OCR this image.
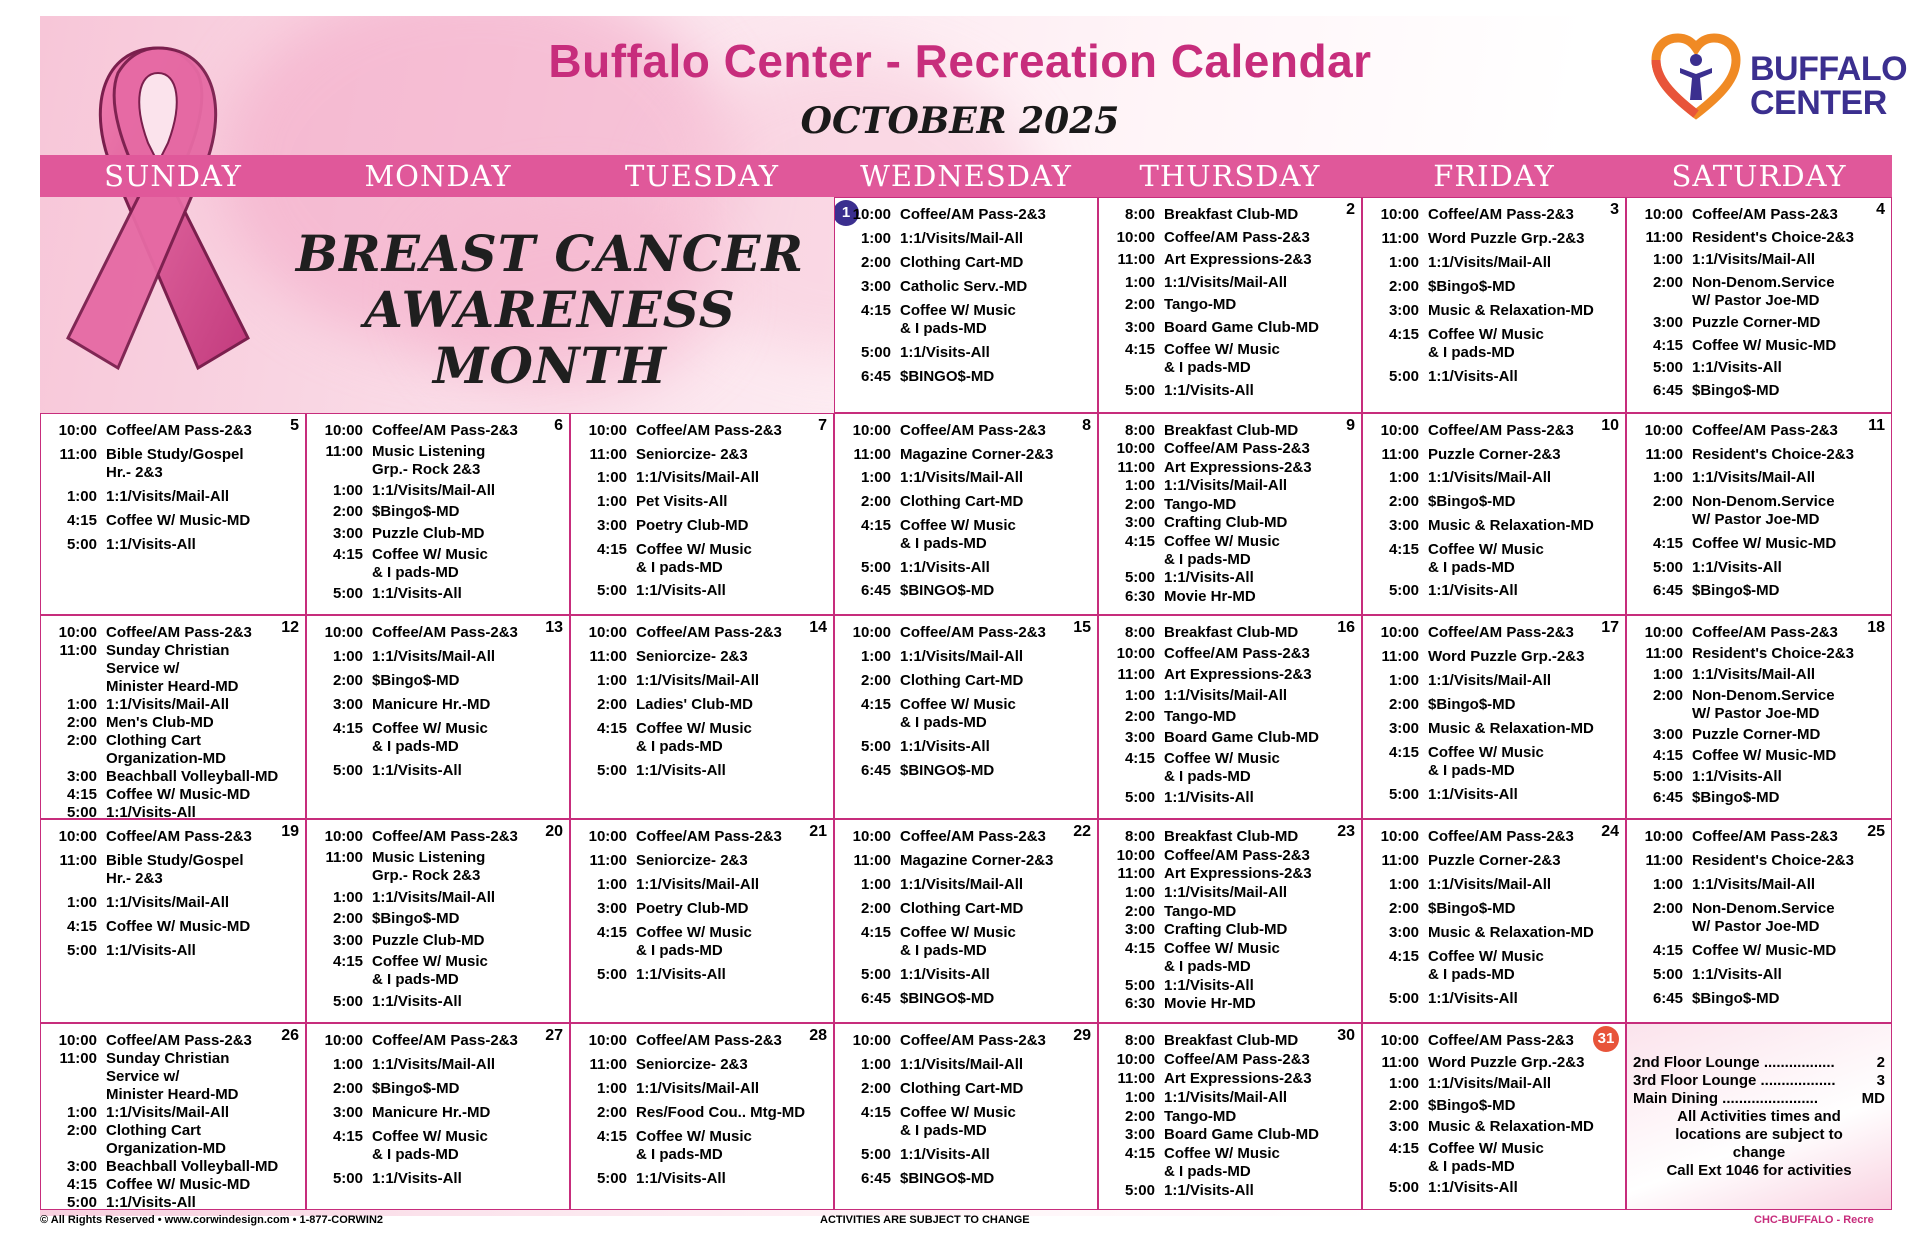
Buffalo Center - Recreation Calendar
OCTOBER 2025
BUFFALO
CENTER
SUNDAY	MONDAY	TUESDAY	WEDNESDAY	THURSDAY	FRIDAY	SATURDAY
1 10:00 Coffee/AM Pass-2&3
1:00 1:1/Visits/Mail-All
2:00 Clothing Cart-MD
3:00 Catholic Serv.-MD
4:15 Coffee W/ Music
& I pads-MD
5:00 1:1/Visits-All
6:45 $BINGO$-MD
2
8:00 Breakfast Club-MD
10:00 Coffee/AM Pass-2&3
11:00 Art Expressions-2&3
1:00 1:1/Visits/Mail-All
2:00 Tango-MD
3:00 Board Game Club-MD
4:15 Coffee W/ Music
& I pads-MD
5:00 1:1/Visits-All
3
10:00 Coffee/AM Pass-2&3
11:00 Word Puzzle Grp.-2&3
1:00 1:1/Visits/Mail-All
2:00 $Bingo$-MD
3:00 Music & Relaxation-MD
4:15 Coffee W/ Music
& I pads-MD
5:00 1:1/Visits-All
4
10:00 Coffee/AM Pass-2&3
11:00 Resident's Choice-2&3
1:00 1:1/Visits/Mail-All
2:00 Non-Denom.Service
W/ Pastor Joe-MD
3:00 Puzzle Corner-MD
4:15 Coffee W/ Music-MD
5:00 1:1/Visits-All
6:45 $Bingo$-MD
5
10:00 Coffee/AM Pass-2&3
11:00 Bible Study/Gospel
Hr.- 2&3
1:00 1:1/Visits/Mail-All
4:15 Coffee W/ Music-MD
5:00 1:1/Visits-All
6
10:00 Coffee/AM Pass-2&3
11:00 Music Listening
Grp.- Rock 2&3
1:00 1:1/Visits/Mail-All
2:00 $Bingo$-MD
3:00 Puzzle Club-MD
4:15 Coffee W/ Music
& I pads-MD
5:00 1:1/Visits-All
7
10:00 Coffee/AM Pass-2&3
11:00 Seniorcize- 2&3
1:00 1:1/Visits/Mail-All
1:00 Pet Visits-All
3:00 Poetry Club-MD
4:15 Coffee W/ Music
& I pads-MD
5:00 1:1/Visits-All
8
10:00 Coffee/AM Pass-2&3
11:00 Magazine Corner-2&3
1:00 1:1/Visits/Mail-All
2:00 Clothing Cart-MD
4:15 Coffee W/ Music
& I pads-MD
5:00 1:1/Visits-All
6:45 $BINGO$-MD
9
8:00 Breakfast Club-MD
10:00 Coffee/AM Pass-2&3
11:00 Art Expressions-2&3
1:00 1:1/Visits/Mail-All
2:00 Tango-MD
3:00 Crafting Club-MD
4:15 Coffee W/ Music
& I pads-MD
5:00 1:1/Visits-All
6:30 Movie Hr-MD
10
10:00 Coffee/AM Pass-2&3
11:00 Puzzle Corner-2&3
1:00 1:1/Visits/Mail-All
2:00 $Bingo$-MD
3:00 Music & Relaxation-MD
4:15 Coffee W/ Music
& I pads-MD
5:00 1:1/Visits-All
11
10:00 Coffee/AM Pass-2&3
11:00 Resident's Choice-2&3
1:00 1:1/Visits/Mail-All
2:00 Non-Denom.Service
W/ Pastor Joe-MD
4:15 Coffee W/ Music-MD
5:00 1:1/Visits-All
6:45 $Bingo$-MD
12
10:00 Coffee/AM Pass-2&3
11:00 Sunday Christian
Service w/
Minister Heard-MD
1:00 1:1/Visits/Mail-All
2:00 Men's Club-MD
2:00 Clothing Cart
Organization-MD
3:00 Beachball Volleyball-MD
4:15 Coffee W/ Music-MD
5:00 1:1/Visits-All
13
10:00 Coffee/AM Pass-2&3
1:00 1:1/Visits/Mail-All
2:00 $Bingo$-MD
3:00 Manicure Hr.-MD
4:15 Coffee W/ Music
& I pads-MD
5:00 1:1/Visits-All
14
10:00 Coffee/AM Pass-2&3
11:00 Seniorcize- 2&3
1:00 1:1/Visits/Mail-All
2:00 Ladies' Club-MD
4:15 Coffee W/ Music
& I pads-MD
5:00 1:1/Visits-All
15
10:00 Coffee/AM Pass-2&3
1:00 1:1/Visits/Mail-All
2:00 Clothing Cart-MD
4:15 Coffee W/ Music
& I pads-MD
5:00 1:1/Visits-All
6:45 $BINGO$-MD
16
8:00 Breakfast Club-MD
10:00 Coffee/AM Pass-2&3
11:00 Art Expressions-2&3
1:00 1:1/Visits/Mail-All
2:00 Tango-MD
3:00 Board Game Club-MD
4:15 Coffee W/ Music
& I pads-MD
5:00 1:1/Visits-All
17
10:00 Coffee/AM Pass-2&3
11:00 Word Puzzle Grp.-2&3
1:00 1:1/Visits/Mail-All
2:00 $Bingo$-MD
3:00 Music & Relaxation-MD
4:15 Coffee W/ Music
& I pads-MD
5:00 1:1/Visits-All
18
10:00 Coffee/AM Pass-2&3
11:00 Resident's Choice-2&3
1:00 1:1/Visits/Mail-All
2:00 Non-Denom.Service
W/ Pastor Joe-MD
3:00 Puzzle Corner-MD
4:15 Coffee W/ Music-MD
5:00 1:1/Visits-All
6:45 $Bingo$-MD
19
10:00 Coffee/AM Pass-2&3
11:00 Bible Study/Gospel
Hr.- 2&3
1:00 1:1/Visits/Mail-All
4:15 Coffee W/ Music-MD
5:00 1:1/Visits-All
20
10:00 Coffee/AM Pass-2&3
11:00 Music Listening
Grp.- Rock 2&3
1:00 1:1/Visits/Mail-All
2:00 $Bingo$-MD
3:00 Puzzle Club-MD
4:15 Coffee W/ Music
& I pads-MD
5:00 1:1/Visits-All
21
10:00 Coffee/AM Pass-2&3
11:00 Seniorcize- 2&3
1:00 1:1/Visits/Mail-All
3:00 Poetry Club-MD
4:15 Coffee W/ Music
& I pads-MD
5:00 1:1/Visits-All
22
10:00 Coffee/AM Pass-2&3
11:00 Magazine Corner-2&3
1:00 1:1/Visits/Mail-All
2:00 Clothing Cart-MD
4:15 Coffee W/ Music
& I pads-MD
5:00 1:1/Visits-All
6:45 $BINGO$-MD
23
8:00 Breakfast Club-MD
10:00 Coffee/AM Pass-2&3
11:00 Art Expressions-2&3
1:00 1:1/Visits/Mail-All
2:00 Tango-MD
3:00 Crafting Club-MD
4:15 Coffee W/ Music
& I pads-MD
5:00 1:1/Visits-All
6:30 Movie Hr-MD
24
10:00 Coffee/AM Pass-2&3
11:00 Puzzle Corner-2&3
1:00 1:1/Visits/Mail-All
2:00 $Bingo$-MD
3:00 Music & Relaxation-MD
4:15 Coffee W/ Music
& I pads-MD
5:00 1:1/Visits-All
25
10:00 Coffee/AM Pass-2&3
11:00 Resident's Choice-2&3
1:00 1:1/Visits/Mail-All
2:00 Non-Denom.Service
W/ Pastor Joe-MD
4:15 Coffee W/ Music-MD
5:00 1:1/Visits-All
6:45 $Bingo$-MD
26
10:00 Coffee/AM Pass-2&3
11:00 Sunday Christian
Service w/
Minister Heard-MD
1:00 1:1/Visits/Mail-All
2:00 Clothing Cart
Organization-MD
3:00 Beachball Volleyball-MD
4:15 Coffee W/ Music-MD
5:00 1:1/Visits-All
27
10:00 Coffee/AM Pass-2&3
1:00 1:1/Visits/Mail-All
2:00 $Bingo$-MD
3:00 Manicure Hr.-MD
4:15 Coffee W/ Music
& I pads-MD
5:00 1:1/Visits-All
28
10:00 Coffee/AM Pass-2&3
11:00 Seniorcize- 2&3
1:00 1:1/Visits/Mail-All
2:00 Res/Food Cou.. Mtg-MD
4:15 Coffee W/ Music
& I pads-MD
5:00 1:1/Visits-All
29
10:00 Coffee/AM Pass-2&3
1:00 1:1/Visits/Mail-All
2:00 Clothing Cart-MD
4:15 Coffee W/ Music
& I pads-MD
5:00 1:1/Visits-All
6:45 $BINGO$-MD
30
8:00 Breakfast Club-MD
10:00 Coffee/AM Pass-2&3
11:00 Art Expressions-2&3
1:00 1:1/Visits/Mail-All
2:00 Tango-MD
3:00 Board Game Club-MD
4:15 Coffee W/ Music
& I pads-MD
5:00 1:1/Visits-All
31
10:00 Coffee/AM Pass-2&3
11:00 Word Puzzle Grp.-2&3
1:00 1:1/Visits/Mail-All
2:00 $Bingo$-MD
3:00 Music & Relaxation-MD
4:15 Coffee W/ Music
& I pads-MD
5:00 1:1/Visits-All
2nd Floor Lounge .................	2
3rd Floor Lounge ..................	3
Main Dining .......................	MD
All Activities times and
locations are subject to
change
Call Ext 1046 for activities
BREAST CANCER
AWARENESS
MONTH
© All Rights Reserved • www.corwindesign.com • 1-877-CORWIN2	ACTIVITIES ARE SUBJECT TO CHANGE	CHC-BUFFALO - Recre
